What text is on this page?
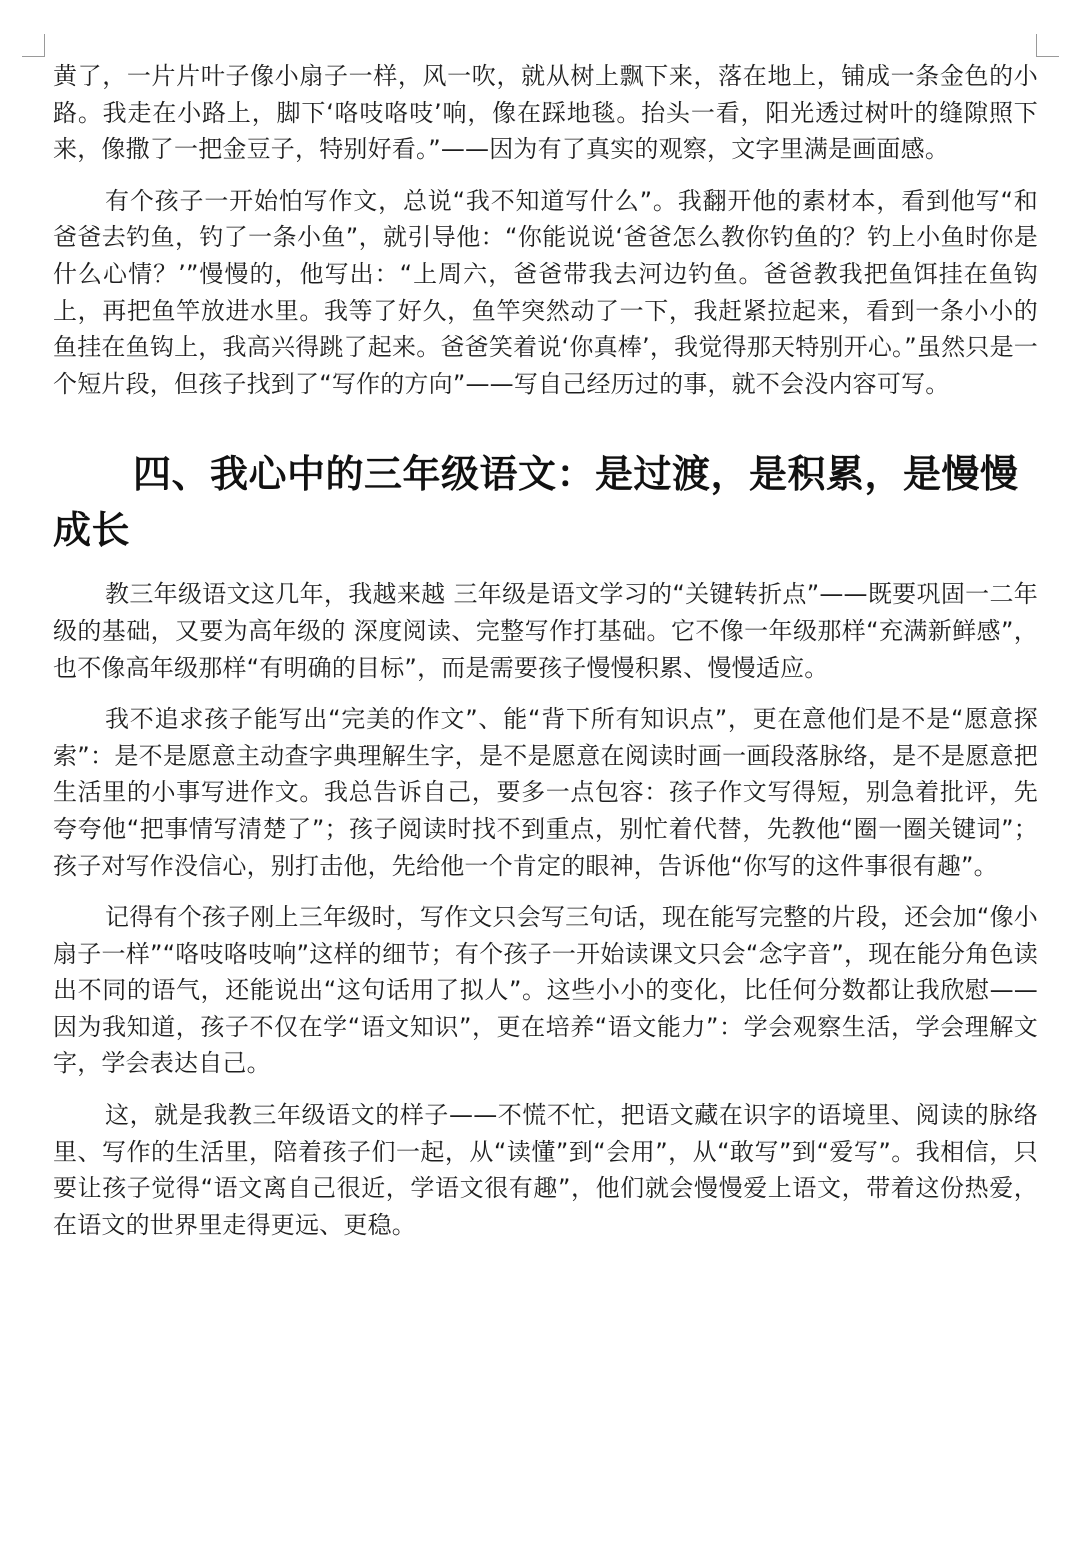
黄了，一片片叶子像小扇子一样，风一吹，就从树上飘下来，落在地上，铺成一条金色的小路。我走在小路上，脚下‘咯吱咯吱’响，像在踩地毯。抬头一看，阳光透过树叶的缝隙照下来，像撒了一把金豆子，特别好看。”——因为有了真实的观察，文字里满是画面感。

有个孩子一开始怕写作文，总说“我不知道写什么”。我翻开他的素材本，看到他写“和爸爸去钓鱼，钓了一条小鱼”，就引导他：“你能说说‘爸爸怎么教你钓鱼的？钓上小鱼时你是什么心情？’”慢慢的，他写出：“上周六，爸爸带我去河边钓鱼。爸爸教我把鱼饵挂在鱼钩上，再把鱼竿放进水里。我等了好久，鱼竿突然动了一下，我赶紧拉起来，看到一条小小的鱼挂在鱼钩上，我高兴得跳了起来。爸爸笑着说‘你真棒’，我觉得那天特别开心。”虽然只是一个短片段，但孩子找到了“写作的方向”——写自己经历过的事，就不会没内容可写。

四、我心中的三年级语文：是过渡，是积累，是慢慢成长

教三年级语文这几年，我越来越 三年级是语文学习的“关键转折点”——既要巩固一二年级的基础，又要为高年级的 深度阅读、完整写作打基础。它不像一年级那样“充满新鲜感”，也不像高年级那样“有明确的目标”，而是需要孩子慢慢积累、慢慢适应。

我不追求孩子能写出“完美的作文”、能“背下所有知识点”，更在意他们是不是“愿意探索”：是不是愿意主动查字典理解生字，是不是愿意在阅读时画一画段落脉络，是不是愿意把生活里的小事写进作文。我总告诉自己，要多一点包容：孩子作文写得短，别急着批评，先夸夸他“把事情写清楚了”；孩子阅读时找不到重点，别忙着代替，先教他“圈一圈关键词”；孩子对写作没信心，别打击他，先给他一个肯定的眼神，告诉他“你写的这件事很有趣”。

记得有个孩子刚上三年级时，写作文只会写三句话，现在能写完整的片段，还会加“像小扇子一样”“咯吱咯吱响”这样的细节；有个孩子一开始读课文只会“念字音”，现在能分角色读出不同的语气，还能说出“这句话用了拟人”。这些小小的变化，比任何分数都让我欣慰——因为我知道，孩子不仅在学“语文知识”，更在培养“语文能力”：学会观察生活，学会理解文字，学会表达自己。

这，就是我教三年级语文的样子——不慌不忙，把语文藏在识字的语境里、阅读的脉络里、写作的生活里，陪着孩子们一起，从“读懂”到“会用”，从“敢写”到“爱写”。我相信，只要让孩子觉得“语文离自己很近，学语文很有趣”，他们就会慢慢爱上语文，带着这份热爱，在语文的世界里走得更远、更稳。
